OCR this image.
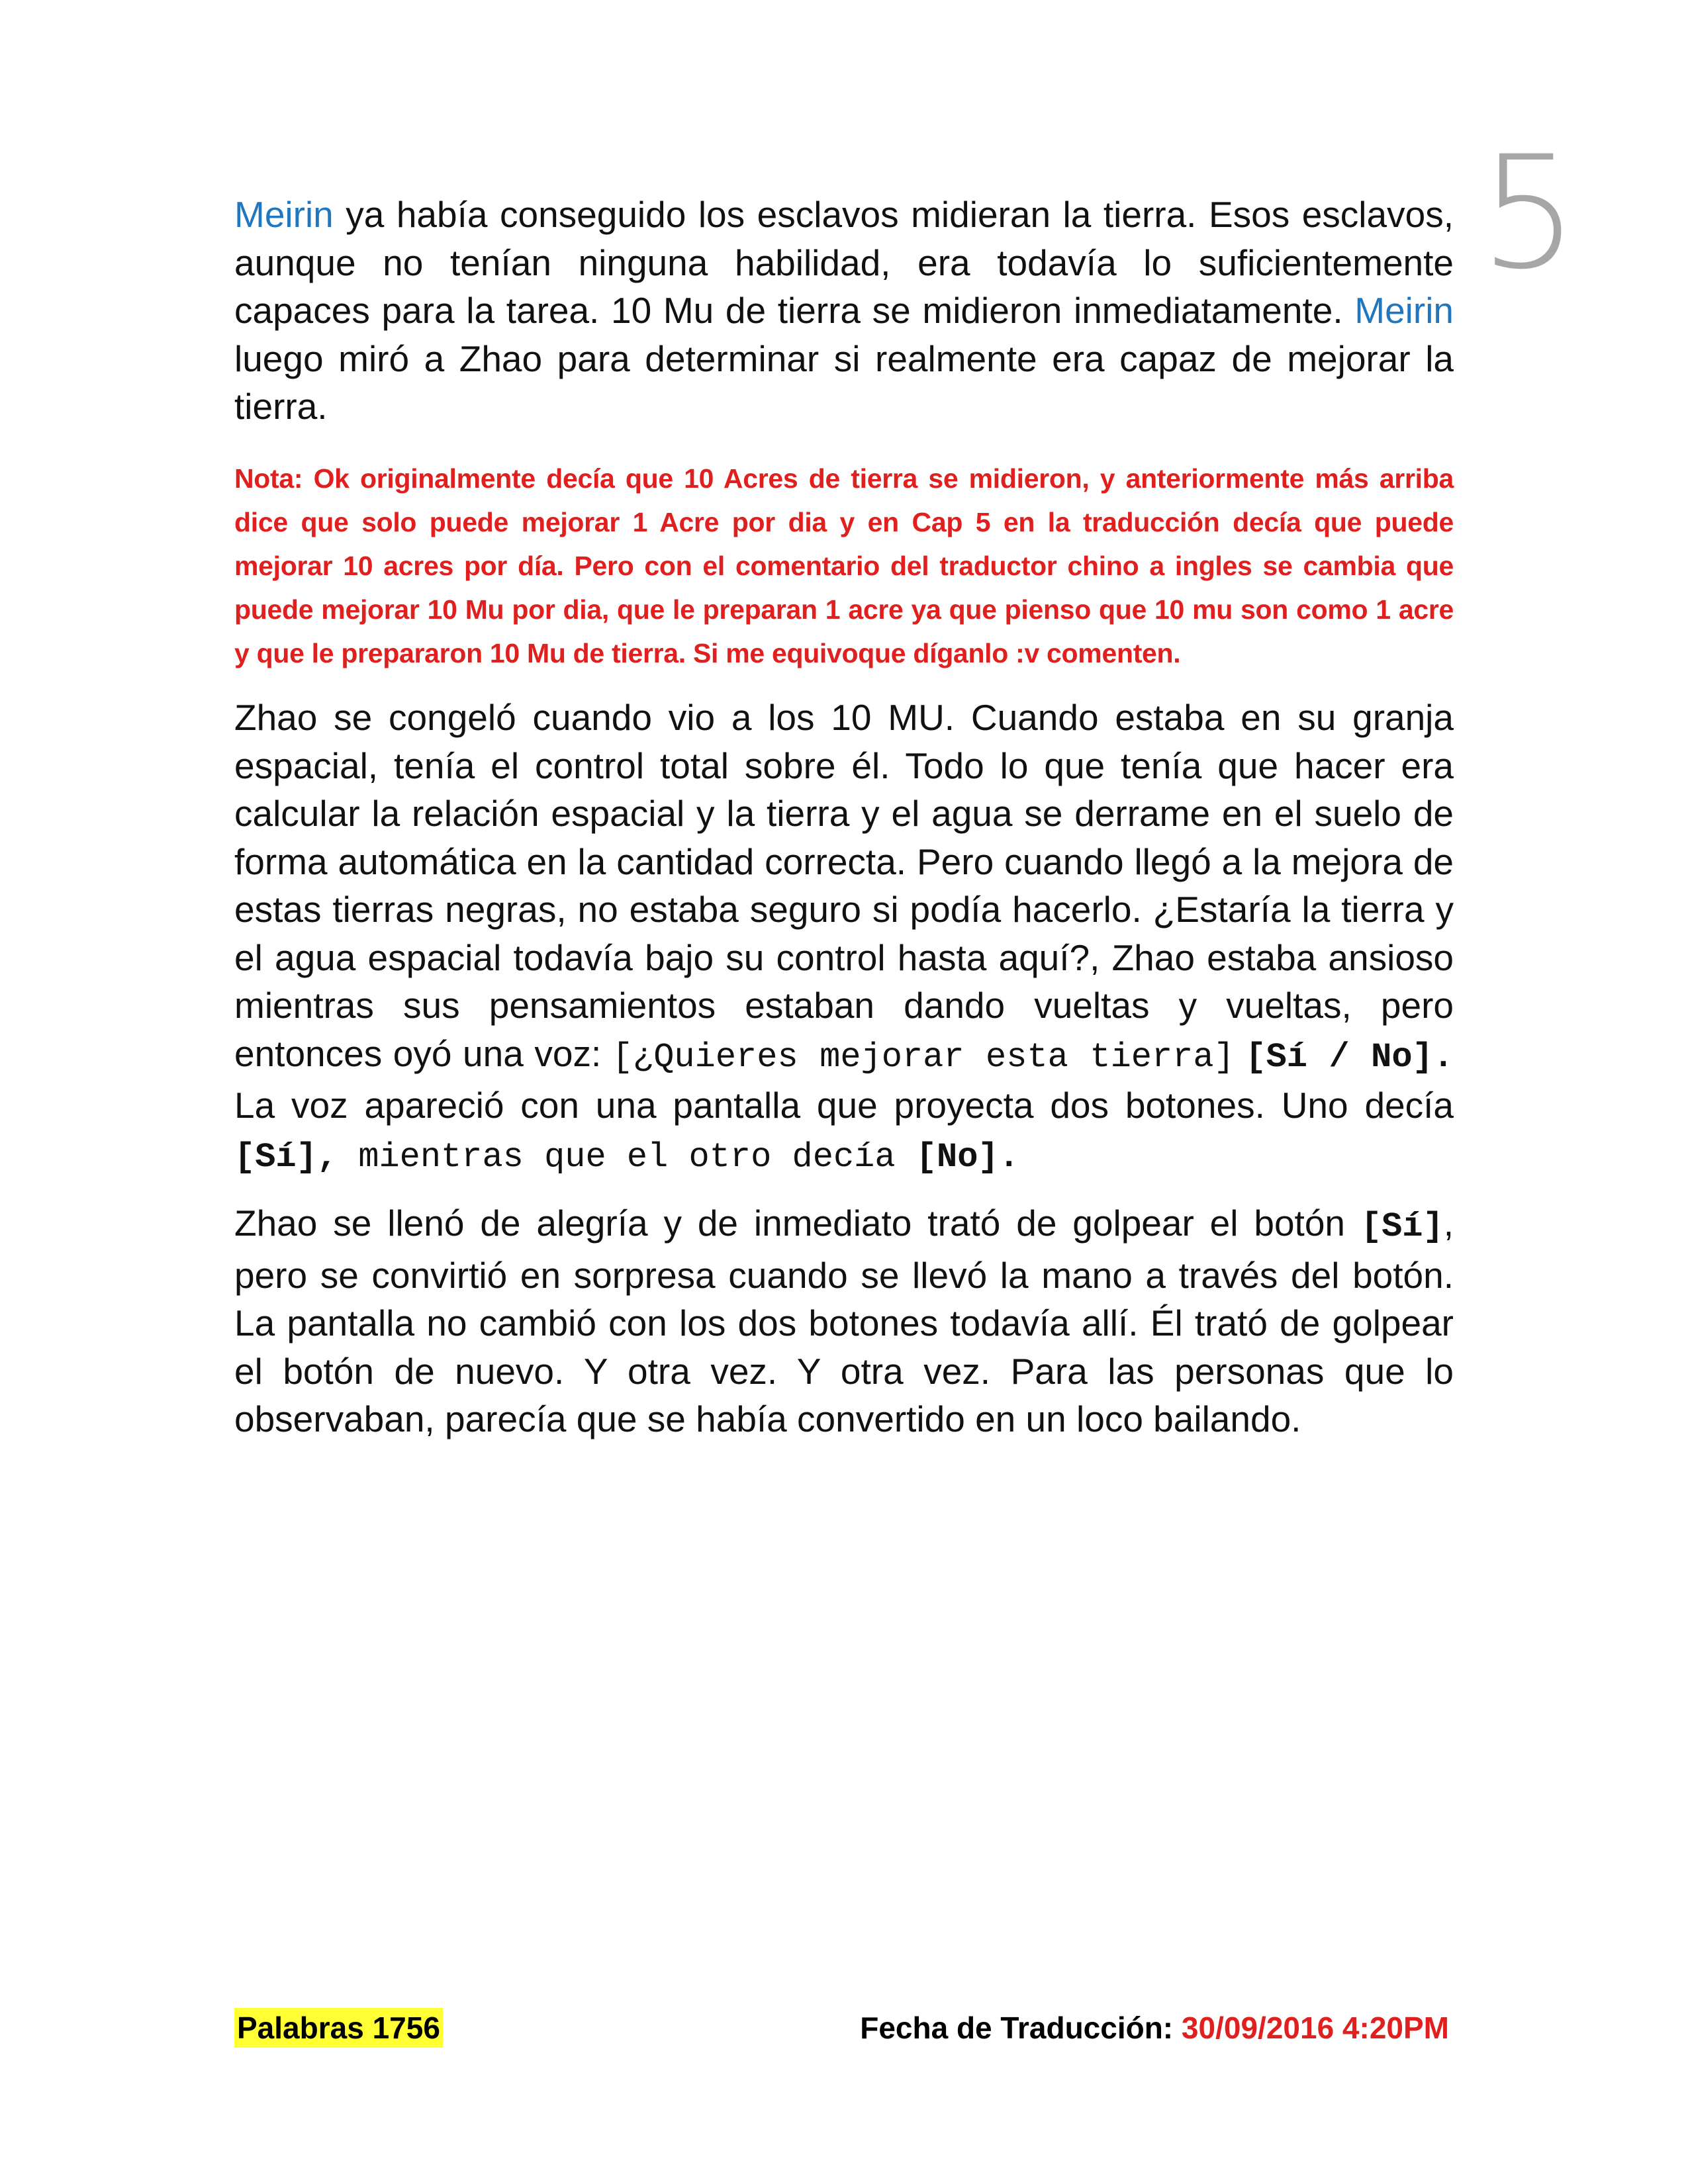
5
Meirin ya había conseguido los esclavos midieran la tierra. Esos esclavos, aunque no tenían ninguna habilidad, era todavía lo suficientemente capaces para la tarea. 10 Mu de tierra se midieron inmediatamente. Meirin luego miró a Zhao para determinar si realmente era capaz de mejorar la tierra.
Nota: Ok originalmente decía que 10 Acres de tierra se midieron, y anteriormente más arriba dice que solo puede mejorar 1 Acre por dia y en Cap 5 en la traducción decía que puede mejorar 10 acres por día. Pero con el comentario del traductor chino a ingles se cambia que puede mejorar 10 Mu por dia, que le preparan 1 acre ya que pienso que 10 mu son como 1 acre y que le prepararon 10 Mu de tierra. Si me equivoque díganlo :v comenten.
Zhao se congeló cuando vio a los 10 MU. Cuando estaba en su granja espacial, tenía el control total sobre él. Todo lo que tenía que hacer era calcular la relación espacial y la tierra y el agua se derrame en el suelo de forma automática en la cantidad correcta. Pero cuando llegó a la mejora de estas tierras negras, no estaba seguro si podía hacerlo. ¿Estaría la tierra y el agua espacial todavía bajo su control hasta aquí?, Zhao estaba ansioso mientras sus pensamientos estaban dando vueltas y vueltas, pero entonces oyó una voz: [¿Quieres mejorar esta tierra] [Sí / No]. La voz apareció con una pantalla que proyecta dos botones. Uno decía [Sí], mientras que el otro decía [No].
Zhao se llenó de alegría y de inmediato trató de golpear el botón [Sí], pero se convirtió en sorpresa cuando se llevó la mano a través del botón. La pantalla no cambió con los dos botones todavía allí. Él trató de golpear el botón de nuevo. Y otra vez. Y otra vez. Para las personas que lo observaban, parecía que se había convertido en un loco bailando.
Palabras 1756	Fecha de Traducción: 30/09/2016 4:20PM
